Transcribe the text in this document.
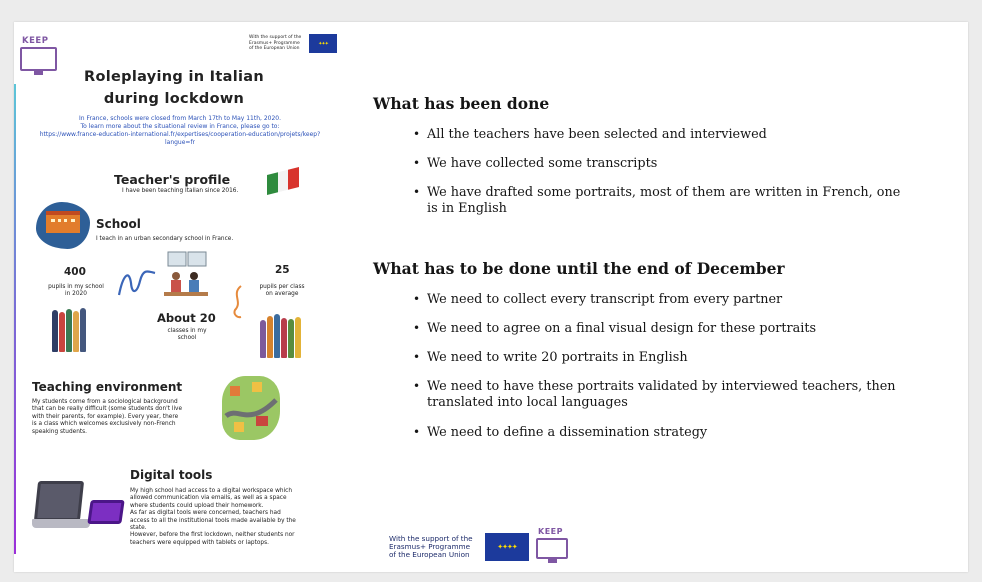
KEEP	With the support of the Erasmus+ Programme of the European Union
✦✦✦
Roleplaying in Italian
during lockdown
In France, schools were closed from March 17th to May 11th, 2020.
To learn more about the situational review in France, please go to:
https://www.france-education-international.fr/expertises/cooperation-education/projets/keep?
langue=fr
Teacher's profile
I have been teaching Italian since 2016.
School
I teach in an urban secondary school in France.
400
pupils in my school
in 2020
25
pupils per class
on average
About 20
classes in my
school
Teaching environment
My students come from a sociological background
that can be really difficult (some students don't live
with their parents, for example). Every year, there
is a class which welcomes exclusively non-French
speaking students.
Digital tools
My high school had access to a digital workspace which
allowed communication via emails, as well as a space
where students could upload their homework.
As far as digital tools were concerned, teachers had
access to all the institutional tools made available by the
state.
However, before the first lockdown, neither students nor
teachers were equipped with tablets or laptops.
What has been done
• All the teachers have been selected and interviewed
• We have collected some transcripts
• We have drafted some portraits, most of them are written in French, one is in English
What has to be done until the end of December
• We need to collect every transcript from every partner
• We need to agree on a final visual design for these portraits
• We need to write 20 portraits in English
• We need to have these portraits validated by interviewed teachers, then translated into local languages
• We need to define a dissemination strategy
With the support of the
Erasmus+ Programme
of the European Union
✦✦✦✦
KEEP
